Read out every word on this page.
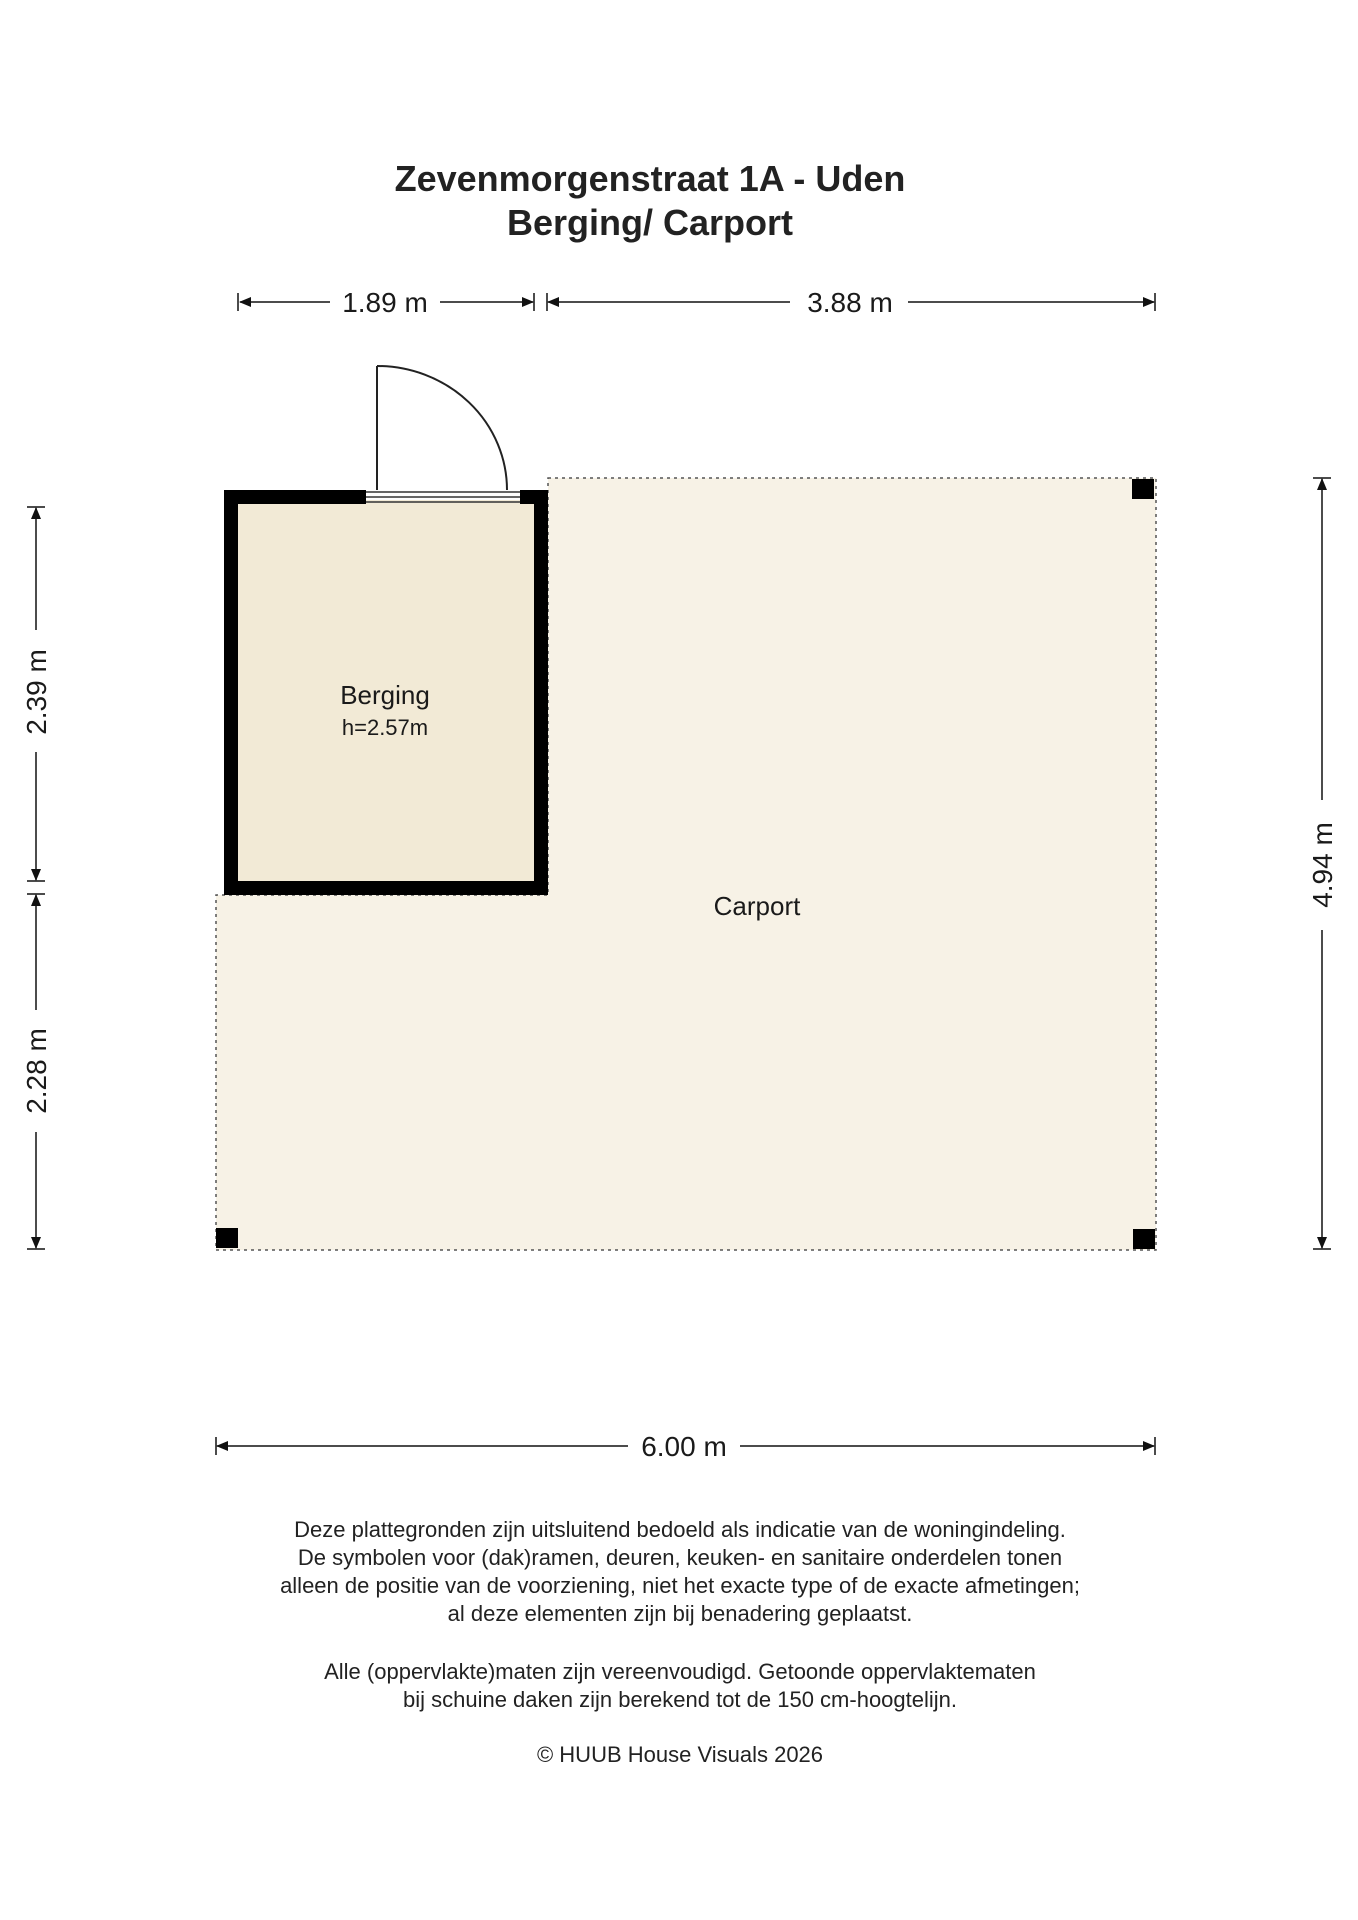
Zevenmorgenstraat 1A - Uden
Berging/ Carport
Berging
h=2.57m
Carport
1.89 m	3.88 m
2.39 m
2.28 m
4.94 m
6.00 m
Deze plattegronden zijn uitsluitend bedoeld als indicatie van de woningindeling.
De symbolen voor (dak)ramen, deuren, keuken- en sanitaire onderdelen tonen
alleen de positie van de voorziening, niet het exacte type of de exacte afmetingen;
al deze elementen zijn bij benadering geplaatst.
Alle (oppervlakte)maten zijn vereenvoudigd. Getoonde oppervlaktematen
bij schuine daken zijn berekend tot de 150 cm-hoogtelijn.
© HUUB House Visuals 2026
